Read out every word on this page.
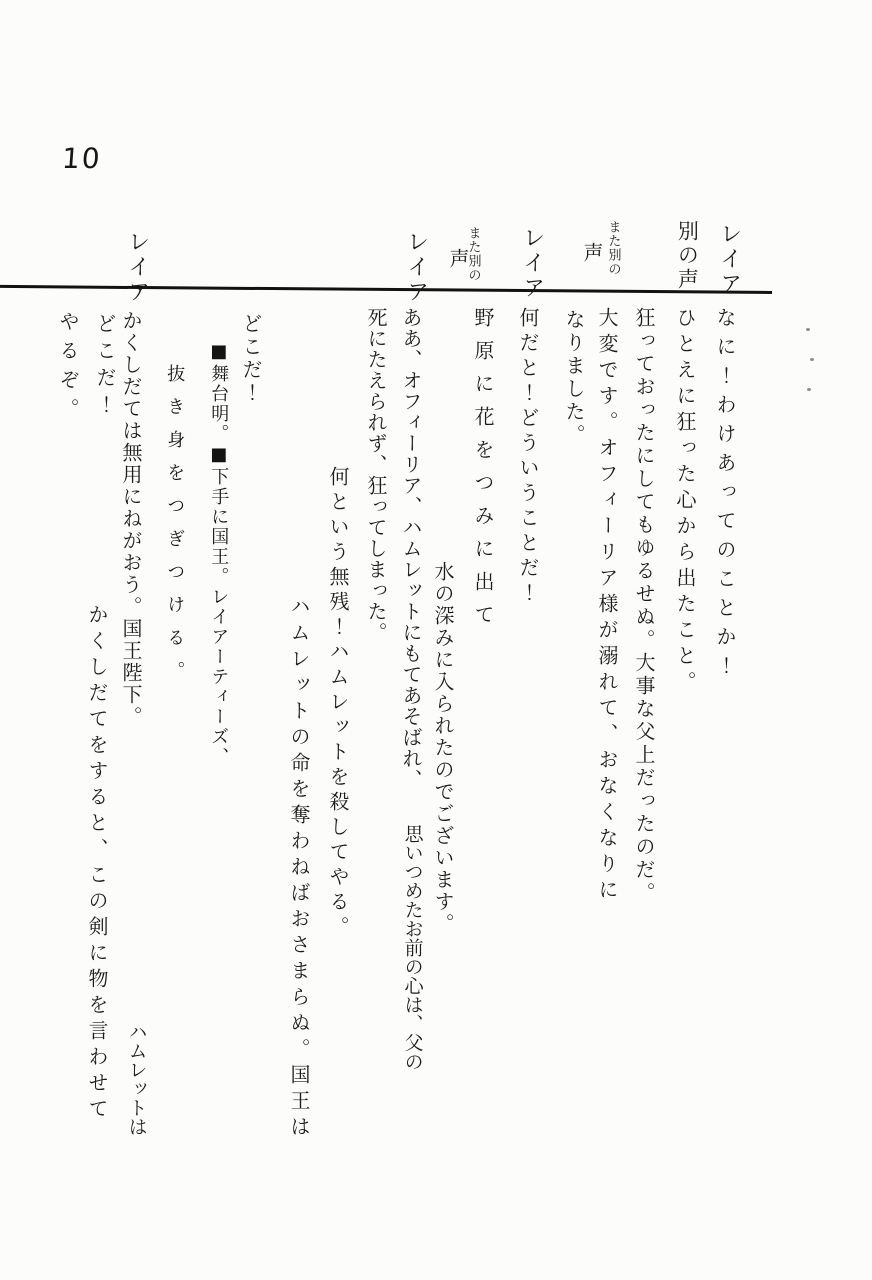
10
レイア
別の声
また別の
声
レイア
また別の
声
レイア
レイア
なに！わけあってのことか！
ひとえに狂った心から出たこと。
狂っておったにしてもゆるせぬ。大事な父上だったのだ。
大変です。オフィーリア様が溺れて、おなくなりに
なりました。
何だと！どういうことだ！
野原に花をつみに出て
水の深みに入られたのでございます。
ああ、オフィーリア、ハムレットにもてあそばれ、
思いつめたお前の心は、父の
死にたえられず、狂ってしまった。
何という無残！ハムレットを殺してやる。
ハムレットの命を奪わねばおさまらぬ。国王は
どこだ！
■舞台明。■下手に国王。レイアーティーズ、
抜き身をつぎつける。
かくしだては無用にねがおう。国王陛下。
ハムレットは
どこだ！
かくしだてをすると、この剣に物を言わせて
やるぞ。
